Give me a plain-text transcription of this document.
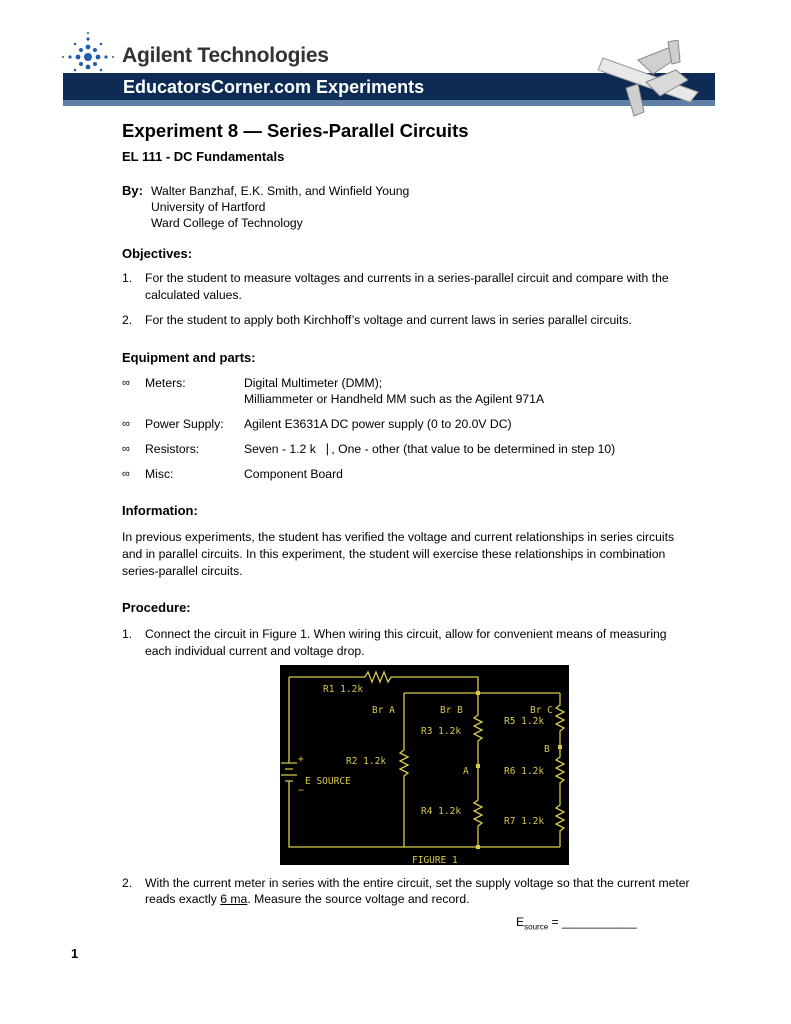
Agilent Technologies
EducatorsCorner.com Experiments
Experiment 8 — Series-Parallel Circuits
EL 111 - DC Fundamentals
By: Walter Banzhaf, E.K. Smith, and Winfield Young
University of Hartford
Ward College of Technology
Objectives:
1. For the student to measure voltages and currents in a series-parallel circuit and compare with the
calculated values.
2. For the student to apply both Kirchhoff’s voltage and current laws in series parallel circuits.
Equipment and parts:
∞ Meters:	Digital Multimeter (DMM);
Milliammeter or Handheld MM such as the Agilent 971A
∞ Power Supply: Agilent E3631A DC power supply (0 to 20.0V DC)
∞ Resistors:	Seven - 1.2 k⎹ , One - other (that value to be determined in step 10)
∞ Misc:	Component Board
Information:
In previous experiments, the student has verified the voltage and current relationships in series circuits
and in parallel circuits. In this experiment, the student will exercise these relationships in combination
series-parallel circuits.
Procedure:
1. Connect the circuit in Figure 1. When wiring this circuit, allow for convenient means of measuring
each individual current and voltage drop.
R1 1.2k
Br A	Br B	Br C
R5 1.2k
R3 1.2k
B
+	R2 1.2k
A	R6 1.2k
E SOURCE
−
R4 1.2k
R7 1.2k
FIGURE 1
2. With the current meter in series with the entire circuit, set the supply voltage so that the current meter
reads exactly 6 ma. Measure the source voltage and record.
$E_{source}$ = ___________
1
